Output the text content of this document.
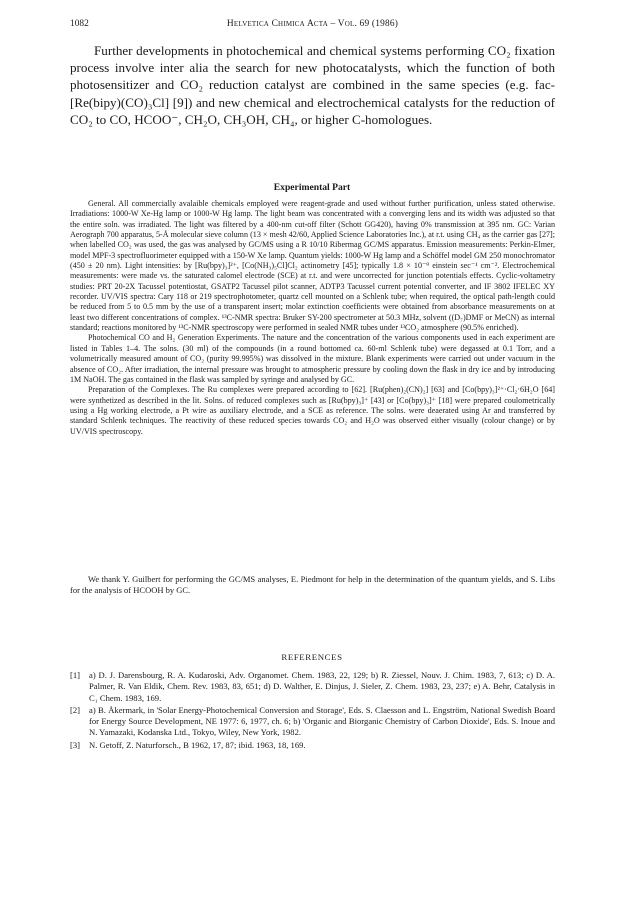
1082	Helvetica Chimica Acta – Vol. 69 (1986)

Further developments in photochemical and chemical systems performing CO₂ fixation process involve inter alia the search for new photocatalysts, which the function of both photosensitizer and CO₂ reduction catalyst are combined in the same species (e.g. fac-[Re(bipy)(CO)₃Cl] [9]) and new chemical and electrochemical catalysts for the reduction of CO₂ to CO, HCOO⁻, CH₂O, CH₃OH, CH₄, or higher C-homologues.

Experimental Part

General. All commercially avalaible chemicals employed were reagent-grade and used without further purification, unless stated otherwise. Irradiations: 1000-W Xe-Hg lamp or 1000-W Hg lamp. The light beam was concentrated with a converging lens and its width was adjusted so that the entire soln. was irradiated. The light was filtered by a 400-nm cut-off filter (Schott GG420), having 0% transmission at 395 nm. GC: Varian Aerograph 700 apparatus, 5-Å molecular sieve column (13 × mesh 42/60, Applied Science Laboratories Inc.), at r.t. using CH₄ as the carrier gas [27]; when labelled CO₂ was used, the gas was analysed by GC/MS using a R 10/10 Ribermag GC/MS apparatus. Emission measurements: Perkin-Elmer, model MPF-3 spectrofluorimeter equipped with a 150-W Xe lamp. Quantum yields: 1000-W Hg lamp and a Schöffel model GM 250 monochromator (450 ± 20 nm). Light intensities: by [Ru(bpy)₃]²⁺, [Co(NH₃)₅Cl]Cl₂ actinometry [45]; typically 1.8 × 10⁻⁹ einstein sec⁻¹ cm⁻². Electrochemical measurements: were made vs. the saturated calomel electrode (SCE) at r.t. and were uncorrected for junction potentials effects. Cyclic-voltametry studies: PRT 20-2X Tacussel potentiostat, GSATP2 Tacussel pilot scanner, ADTP3 Tacussel current potential converter, and IF 3802 IFELEC XY recorder. UV/VIS spectra: Cary 118 or 219 spectrophotometer, quartz cell mounted on a Schlenk tube; when required, the optical path-length could be reduced from 5 to 0.5 mm by the use of a transparent insert; molar extinction coefficients were obtained from absorbance measurements on at least two different concentrations of complex. ¹³C-NMR spectra: Bruker SY-200 spectrometer at 50.3 MHz, solvent ((D₇)DMF or MeCN) as internal standard; reactions monitored by ¹³C-NMR spectroscopy were performed in sealed NMR tubes under ¹³CO₂ atmosphere (90.5% enriched).

Photochemical CO and H₂ Generation Experiments. The nature and the concentration of the various components used in each experiment are listed in Tables 1–4. The solns. (30 ml) of the compounds (in a round bottomed ca. 60-ml Schlenk tube) were degassed at 0.1 Torr, and a volumetrically measured amount of CO₂ (purity 99.995%) was dissolved in the mixture. Blank experiments were carried out under vacuum in the absence of CO₂. After irradiation, the internal pressure was brought to atmospheric pressure by cooling down the flask in dry ice and by introducing 1M NaOH. The gas contained in the flask was sampled by syringe and analysed by GC.

Preparation of the Complexes. The Ru complexes were prepared according to [62]. [Ru(phen)₂(CN)₂] [63] and [Co(bpy)₃]²⁺·Cl₂·6H₂O [64] were synthetized as described in the lit. Solns. of reduced complexes such as [Ru(bpy)₃]⁺ [43] or [Co(bpy)₃]⁺ [18] were prepared coulometrically using a Hg working electrode, a Pt wire as auxiliary electrode, and a SCE as reference. The solns. were deaerated using Ar and transferred by standard Schlenk techniques. The reactivity of these reduced species towards CO₂ and H₂O was observed either visually (colour change) or by UV/VIS spectroscopy.

We thank Y. Guilbert for performing the GC/MS analyses, E. Piedmont for help in the determination of the quantum yields, and S. Libs for the analysis of HCOOH by GC.

REFERENCES

[1] a) D. J. Darensbourg, R. A. Kudaroski, Adv. Organomet. Chem. 1983, 22, 129; b) R. Ziessel, Nouv. J. Chim. 1983, 7, 613; c) D. A. Palmer, R. Van Eldik, Chem. Rev. 1983, 83, 651; d) D. Walther, E. Dinjus, J. Sieler, Z. Chem. 1983, 23, 237; e) A. Behr, Catalysis in C₁ Chem. 1983, 169.
[2] a) B. Åkermark, in 'Solar Energy-Photochemical Conversion and Storage', Eds. S. Claesson and L. Engström, National Swedish Board for Energy Source Development, NE 1977: 6, 1977, ch. 6; b) 'Organic and Biorganic Chemistry of Carbon Dioxide', Eds. S. Inoue and N. Yamazaki, Kodanska Ltd., Tokyo, Wiley, New York, 1982.
[3] N. Getoff, Z. Naturforsch., B 1962, 17, 87; ibid. 1963, 18, 169.
